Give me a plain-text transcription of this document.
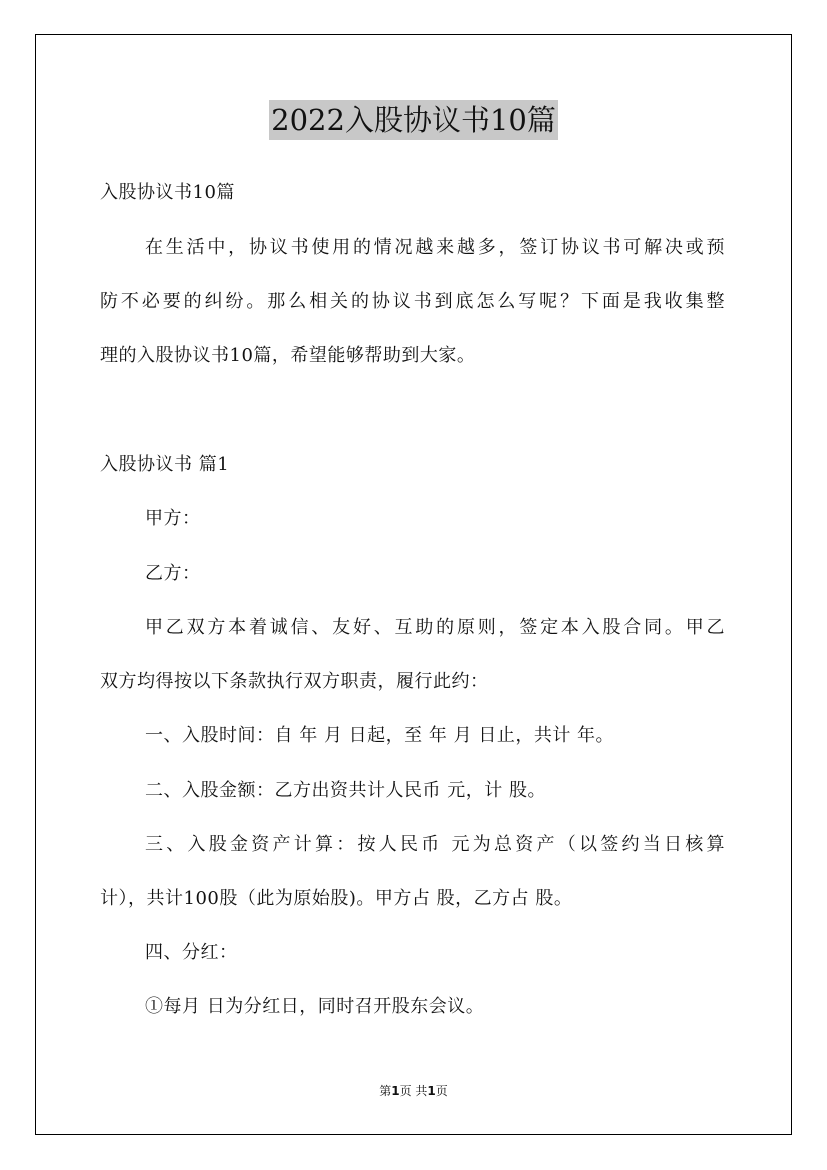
2022入股协议书10篇
入股协议书10篇
在生活中，协议书使用的情况越来越多，签订协议书可解决或预
防不必要的纠纷。那么相关的协议书到底怎么写呢？下面是我收集整
理的入股协议书10篇，希望能够帮助到大家。
入股协议书 篇1
甲方：
乙方：
甲乙双方本着诚信、友好、互助的原则，签定本入股合同。甲乙
双方均得按以下条款执行双方职责，履行此约：
一、入股时间：自 年 月 日起，至 年 月 日止，共计 年。
二、入股金额：乙方出资共计人民币 元，计 股。
三、入股金资产计算：按人民币 元为总资产（以签约当日核算
计），共计100股（此为原始股)。甲方占 股，乙方占 股。
四、分红：
①每月 日为分红日，同时召开股东会议。
第1页 共1页
